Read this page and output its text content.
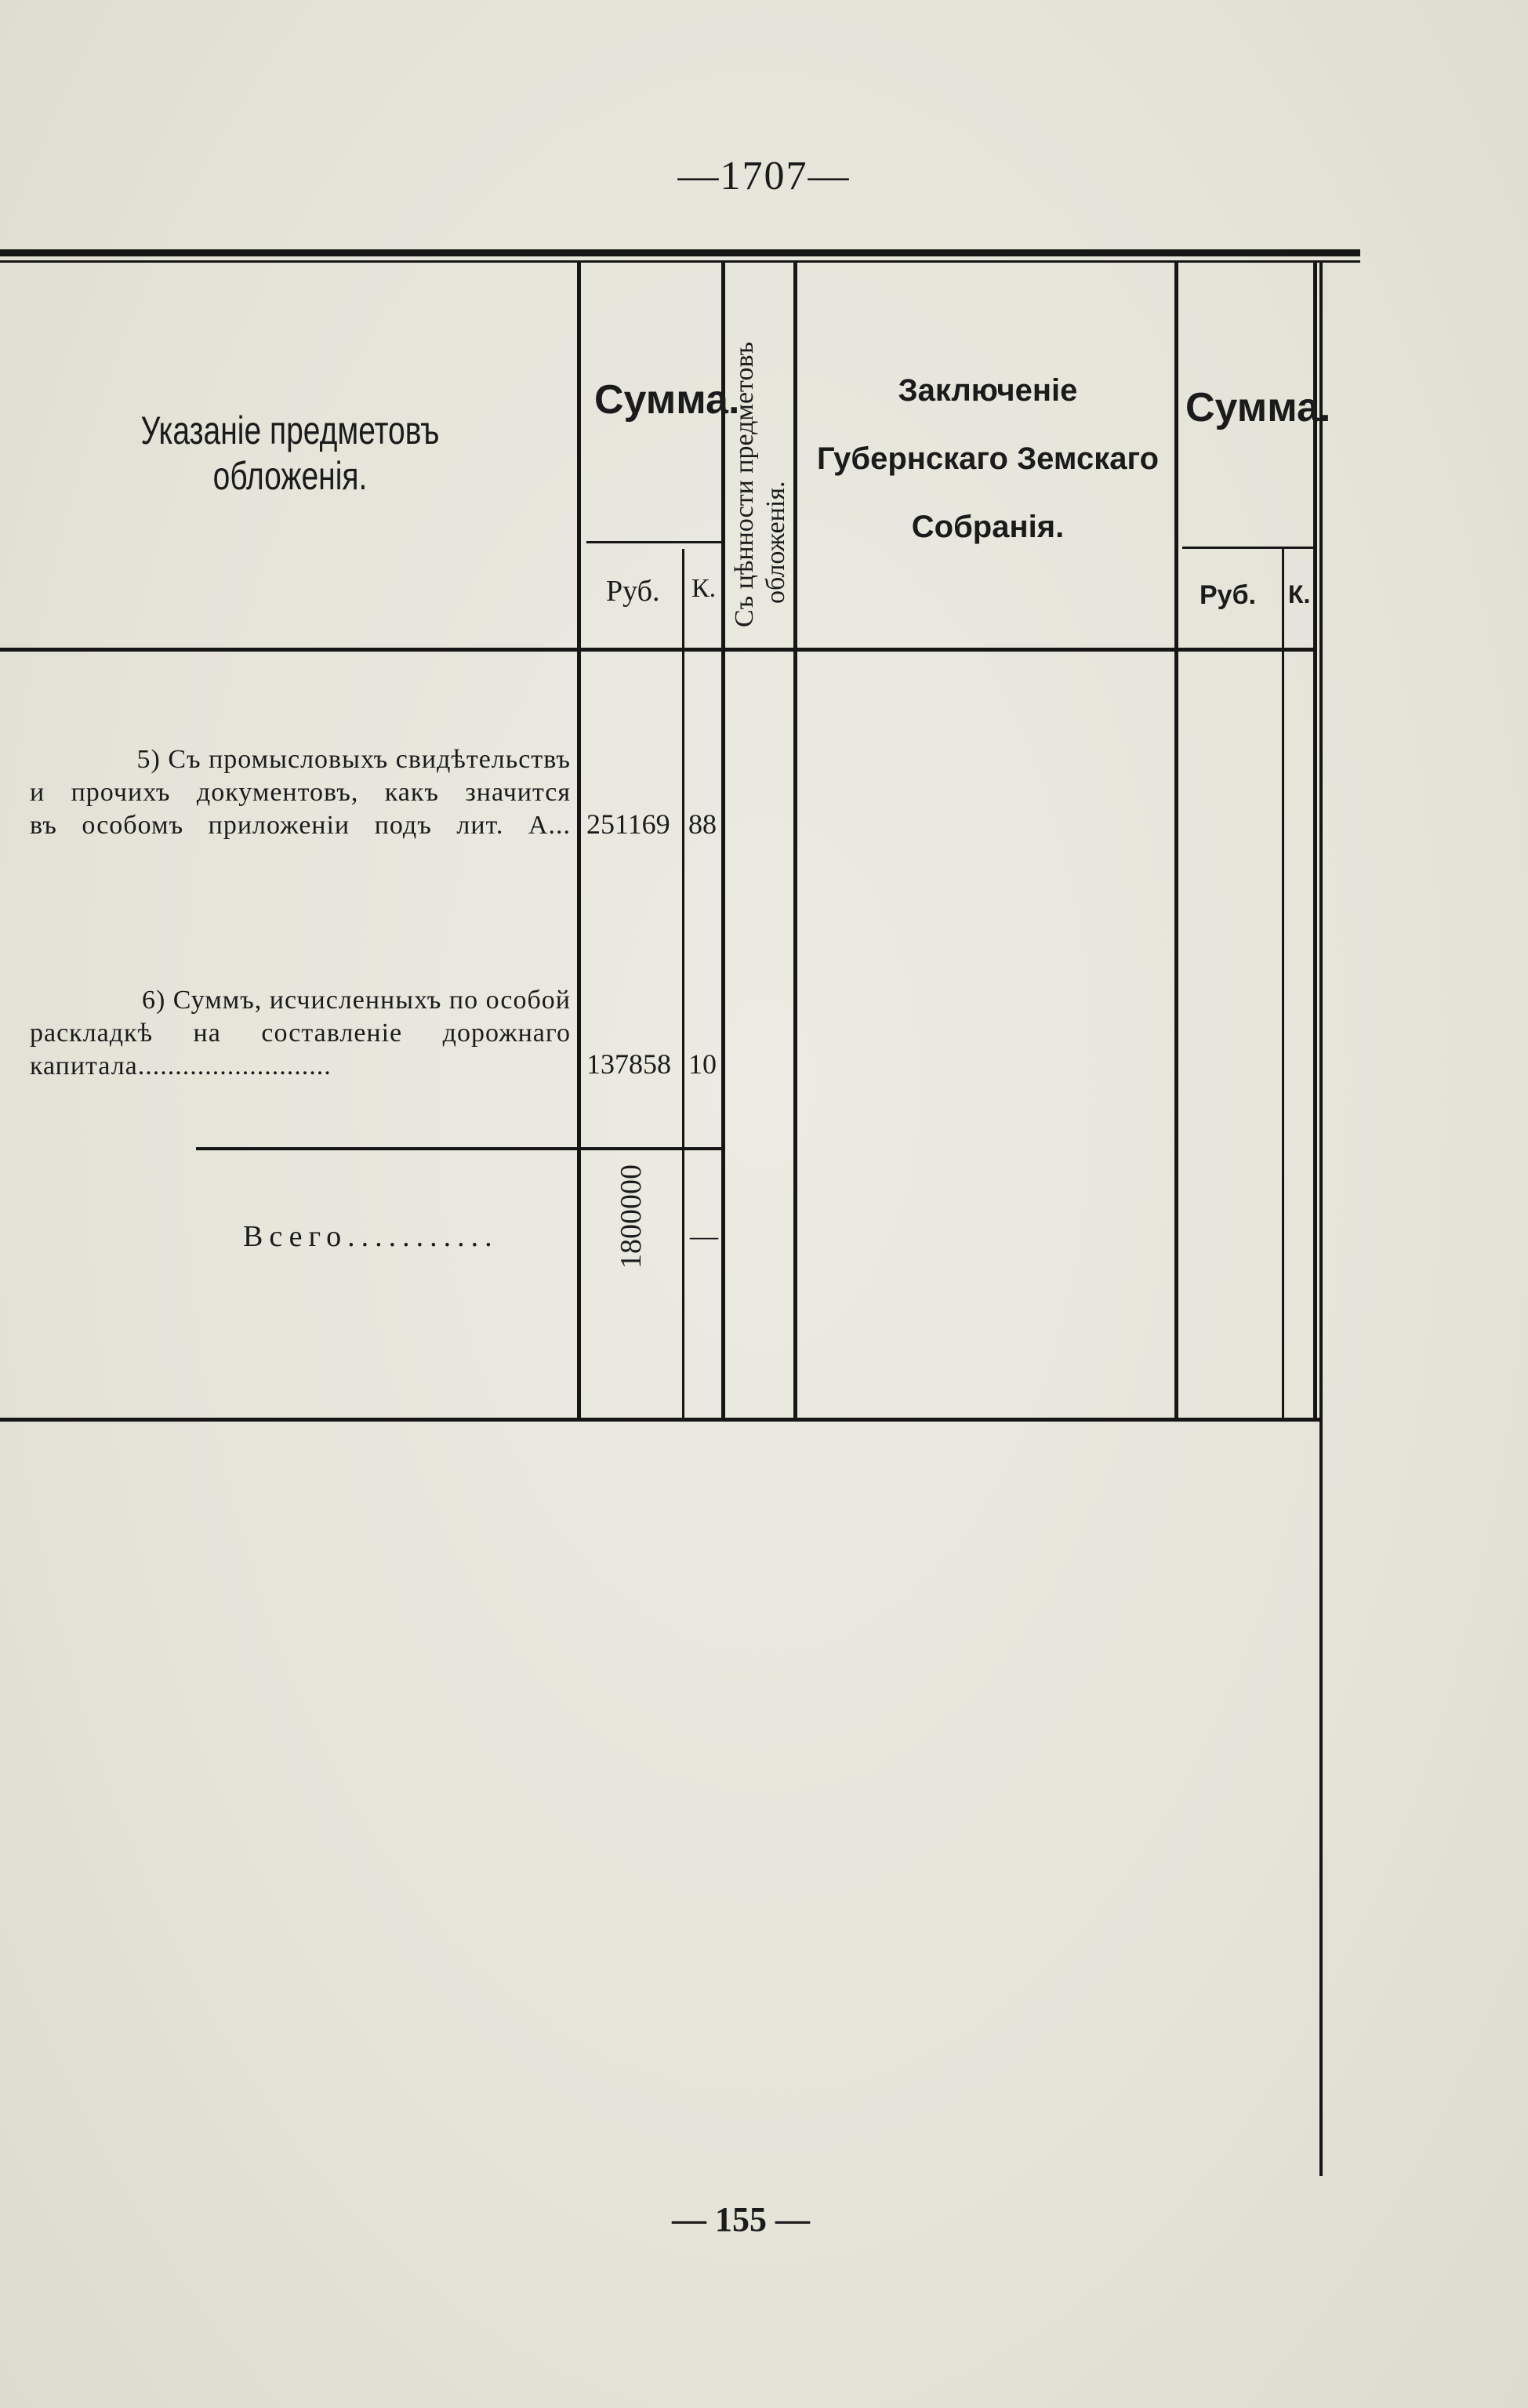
—1707—
Указаніе предметовъ обложенія.
Сумма.
Руб. К. Съ цѣнности предметовъ обложенія.
Заключеніе
Губернскаго Земскаго
Собранія.
Сумма.
Руб. К.
5) Съ промысловыхъ свидѣтельствъ
и прочихъ документовъ, какъ значится
въ особомъ приложеніи подъ лит. А... 251169 88
6) Суммъ, исчисленныхъ по особой
раскладкѣ на составленіе дорожнаго
капитала..........................	137858 10
Всего...........	1800000 —
— 155 —
